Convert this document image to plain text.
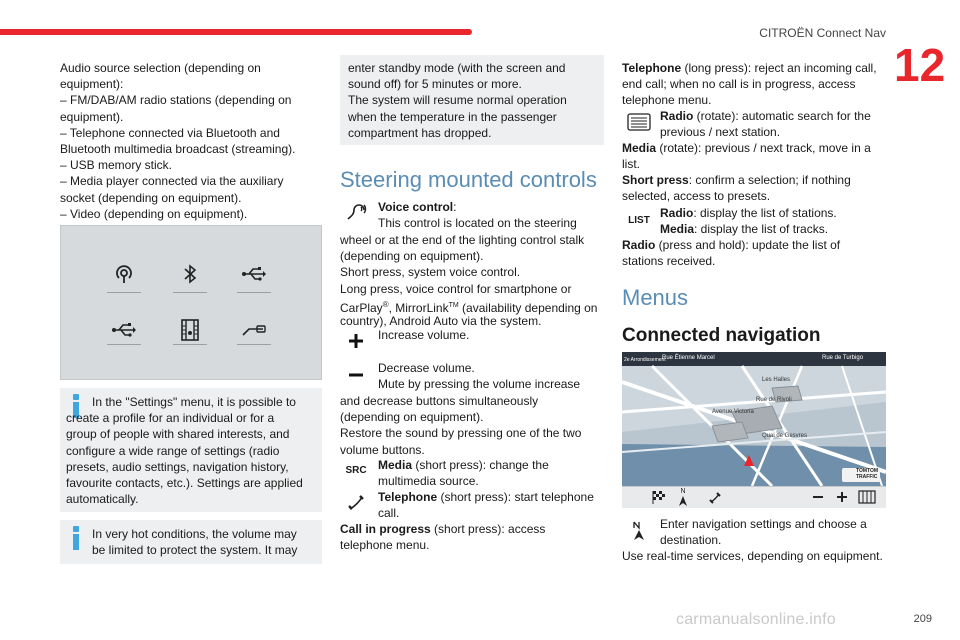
CITROËN Connect Nav
12
Audio source selection (depending on
equipment):
– FM/DAB/AM radio stations (depending on
equipment).
– Telephone connected via Bluetooth and
Bluetooth multimedia broadcast (streaming).
– USB memory stick.
– Media player connected via the auxiliary
socket (depending on equipment).
– Video (depending on equipment).
In the "Settings" menu, it is possible to
create a profile for an individual or for a
group of people with shared interests, and
configure a wide range of settings (radio
presets, audio settings, navigation history,
favourite contacts, etc.). Settings are applied
automatically.
In very hot conditions, the volume may
be limited to protect the system. It may
enter standby mode (with the screen and
sound off) for 5 minutes or more.
The system will resume normal operation
when the temperature in the passenger
compartment has dropped.
Steering mounted controls
Voice control:
This control is located on the steering
wheel or at the end of the lighting control stalk
(depending on equipment).
Short press, system voice control.
Long press, voice control for smartphone or
CarPlay®, MirrorLink™ (availability depending on
country), Android Auto via the system.
Increase volume.
Decrease volume.
Mute by pressing the volume increase
and decrease buttons simultaneously
(depending on equipment).
Restore the sound by pressing one of the two
volume buttons.
SRC Media (short press): change the
multimedia source.
Telephone (short press): start telephone
call.
Call in progress (short press): access
telephone menu.
Telephone (long press): reject an incoming call,
end call; when no call is in progress, access
telephone menu.
Radio (rotate): automatic search for the
previous / next station.
Media (rotate): previous / next track, move in a
list.
Short press: confirm a selection; if nothing
selected, access to presets.
LIST
Radio: display the list of stations.
Media: display the list of tracks.
Radio (press and hold): update the list of
stations received.
Menus
Connected navigation
Rue Étienne Marcel
2e Arrondissement	Rue de Turbigo
Les Halles
Rue de Rivoli
Avenue Victoria
Quai de Gesvres
TOMTOM
TRAFFIC
N
Enter navigation settings and choose a
destination.
Use real-time services, depending on equipment.
carmanualsonline.info	209
